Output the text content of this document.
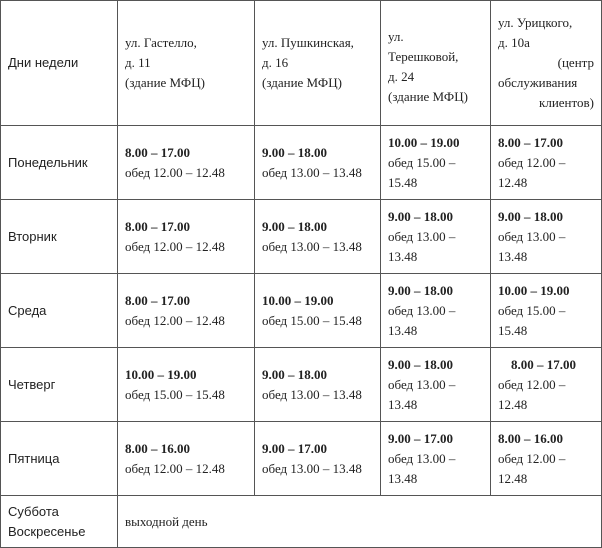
Дни недели	ул. Гастелло,
д. 11
(здание МФЦ)	ул. Пушкинская,
д. 16
(здание МФЦ)	ул.
Терешковой,
д. 24
(здание МФЦ)	ул. Урицкого,
д. 10а
(центр
обслуживания
клиентов)

Понедельник	8.00 – 17.00
обед 12.00 – 12.48	9.00 – 18.00
обед 13.00 – 13.48	10.00 – 19.00
обед 15.00 –
15.48	8.00 – 17.00
обед 12.00 –
12.48

Вторник	8.00 – 17.00
обед 12.00 – 12.48	9.00 – 18.00
обед 13.00 – 13.48	9.00 – 18.00
обед 13.00 –
13.48	9.00 – 18.00
обед 13.00 –
13.48

Среда	8.00 – 17.00
обед 12.00 – 12.48	10.00 – 19.00
обед 15.00 – 15.48	9.00 – 18.00
обед 13.00 –
13.48	10.00 – 19.00
обед 15.00 –
15.48

Четверг	10.00 – 19.00
обед 15.00 – 15.48	9.00 – 18.00
обед 13.00 – 13.48	9.00 – 18.00
обед 13.00 –
13.48	8.00 – 17.00
обед 12.00 –
12.48

Пятница	8.00 – 16.00
обед 12.00 – 12.48	9.00 – 17.00
обед 13.00 – 13.48	9.00 – 17.00
обед 13.00 –
13.48	8.00 – 16.00
обед 12.00 –
12.48

Суббота
Воскресенье	выходной день			
